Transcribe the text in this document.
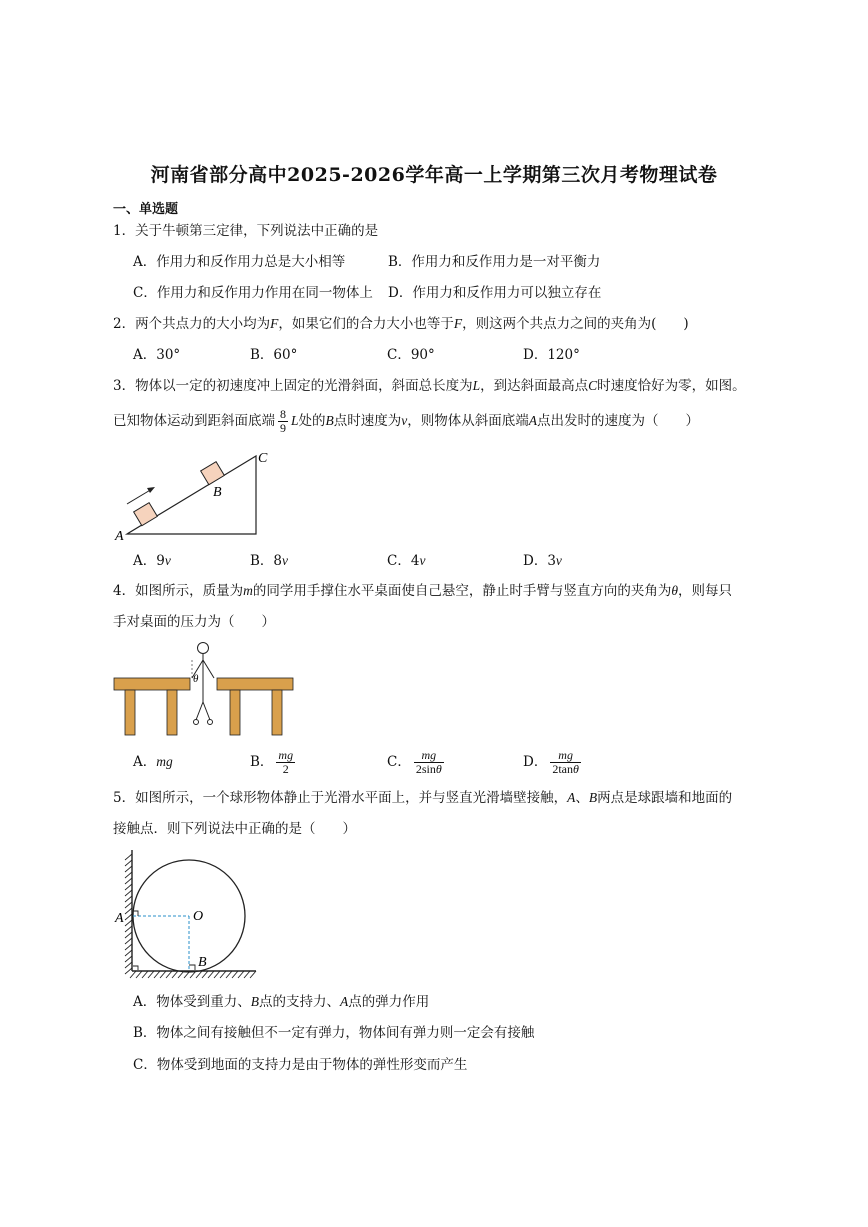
河南省部分高中2025-2026学年高一上学期第三次月考物理试卷
一、单选题
1．关于牛顿第三定律，下列说法中正确的是
A．作用力和反作用力总是大小相等	B．作用力和反作用力是一对平衡力
C．作用力和反作用力作用在同一物体上 D．作用力和反作用力可以独立存在
2．两个共点力的大小均为F，如果它们的合力大小也等于F，则这两个共点力之间的夹角为(　　)
A．30°	B．60°	C．90°	D．120°
3．物体以一定的初速度冲上固定的光滑斜面，斜面总长度为L，到达斜面最高点C时速度恰好为零，如图。
已知物体运动到距斜面底端 $\frac{8}{9}$ L处的B点时速度为v，则物体从斜面底端A点出发时的速度为（　　）
A
B
C
A．9v	B．8v	C．4v	D．3v
4．如图所示，质量为m的同学用手撑住水平桌面使自己悬空，静止时手臂与竖直方向的夹角为θ，则每只
手对桌面的压力为（　　）
θ
A．mg	B． $\frac{mg}{2}$	C． $\frac{mg}{2\sin\theta}$	D． $\frac{mg}{2\tan\theta}$
5．如图所示，一个球形物体静止于光滑水平面上，并与竖直光滑墙壁接触，A、B两点是球跟墙和地面的
接触点．则下列说法中正确的是（　　）
A	O
B
A．物体受到重力、B点的支持力、A点的弹力作用
B．物体之间有接触但不一定有弹力，物体间有弹力则一定会有接触
C．物体受到地面的支持力是由于物体的弹性形变而产生
